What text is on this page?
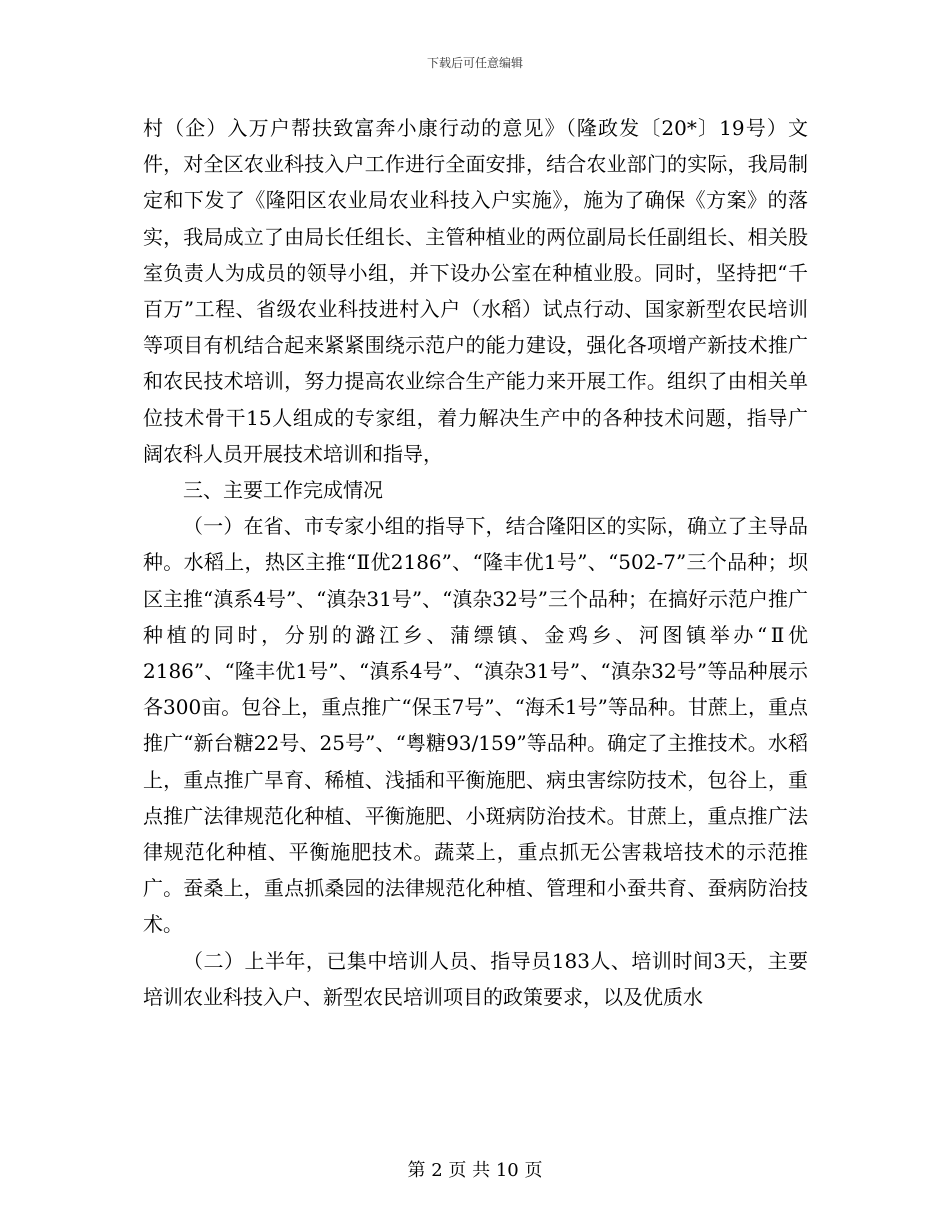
下载后可任意编辑

村（企）入万户帮扶致富奔小康行动的意见》（隆政发〔20*〕19号）文件，对全区农业科技入户工作进行全面安排，结合农业部门的实际，我局制定和下发了《隆阳区农业局农业科技入户实施》，施为了确保《方案》的落实，我局成立了由局长任组长、主管种植业的两位副局长任副组长、相关股室负责人为成员的领导小组，并下设办公室在种植业股。同时，坚持把“千百万”工程、省级农业科技进村入户（水稻）试点行动、国家新型农民培训等项目有机结合起来紧紧围绕示范户的能力建设，强化各项增产新技术推广和农民技术培训，努力提高农业综合生产能力来开展工作。组织了由相关单位技术骨干15人组成的专家组，着力解决生产中的各种技术问题，指导广阔农科人员开展技术培训和指导，

三、主要工作完成情况

（一）在省、市专家小组的指导下，结合隆阳区的实际，确立了主导品种。水稻上，热区主推“Ⅱ优2186”、“隆丰优1号”、“502-7”三个品种；坝区主推“滇系4号”、“滇杂31号”、“滇杂32号”三个品种；在搞好示范户推广种植的同时，分别的潞江乡、蒲缥镇、金鸡乡、河图镇举办“Ⅱ优2186”、“隆丰优1号”、“滇系4号”、“滇杂31号”、“滇杂32号”等品种展示各300亩。包谷上，重点推广“保玉7号”、“海禾1号”等品种。甘蔗上，重点推广“新台糖22号、25号”、“粤糖93/159”等品种。确定了主推技术。水稻上，重点推广旱育、稀植、浅插和平衡施肥、病虫害综防技术，包谷上，重点推广法律规范化种植、平衡施肥、小斑病防治技术。甘蔗上，重点推广法律规范化种植、平衡施肥技术。蔬菜上，重点抓无公害栽培技术的示范推广。蚕桑上，重点抓桑园的法律规范化种植、管理和小蚕共育、蚕病防治技术。

（二）上半年，已集中培训人员、指导员183人、培训时间3天，主要培训农业科技入户、新型农民培训项目的政策要求，以及优质水

第 2 页 共 10 页
